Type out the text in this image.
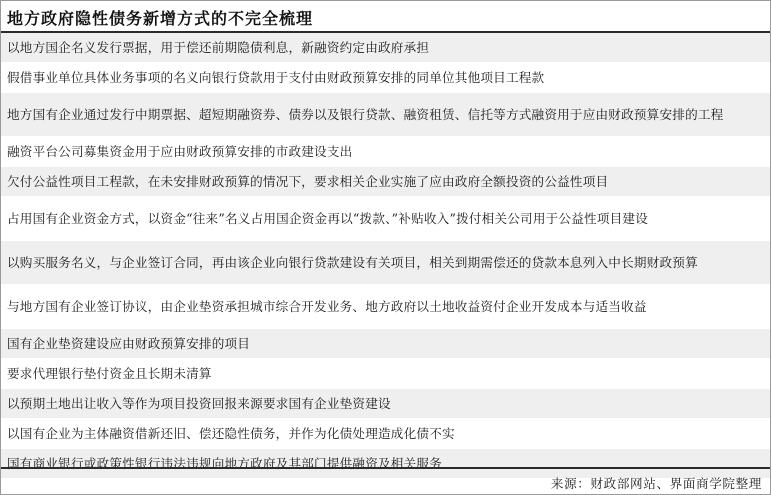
地方政府隐性债务新增方式的不完全梳理
以地方国企名义发行票据，用于偿还前期隐债利息，新融资约定由政府承担
假借事业单位具体业务事项的名义向银行贷款用于支付由财政预算安排的同单位其他项目工程款
地方国有企业通过发行中期票据、超短期融资券、债券以及银行贷款、融资租赁、信托等方式融资用于应由财政预算安排的工程
融资平台公司募集资金用于应由财政预算安排的市政建设支出
欠付公益性项目工程款，在未安排财政预算的情况下，要求相关企业实施了应由政府全额投资的公益性项目
占用国有企业资金方式，以资金“往来”名义占用国企资金再以“拨款、”补贴收入”拨付相关公司用于公益性项目建设
以购买服务名义，与企业签订合同，再由该企业向银行贷款建设有关项目，相关到期需偿还的贷款本息列入中长期财政预算
与地方国有企业签订协议，由企业垫资承担城市综合开发业务、地方政府以土地收益资付企业开发成本与适当收益
国有企业垫资建设应由财政预算安排的项目
要求代理银行垫付资金且长期未清算
以预期土地出让收入等作为项目投资回报来源要求国有企业垫资建设
以国有企业为主体融资借新还旧、偿还隐性债务，并作为化债处理造成化债不实
国有商业银行或政策性银行违法违规向地方政府及其部门提供融资及相关服务
来源：财政部网站、界面商学院整理
